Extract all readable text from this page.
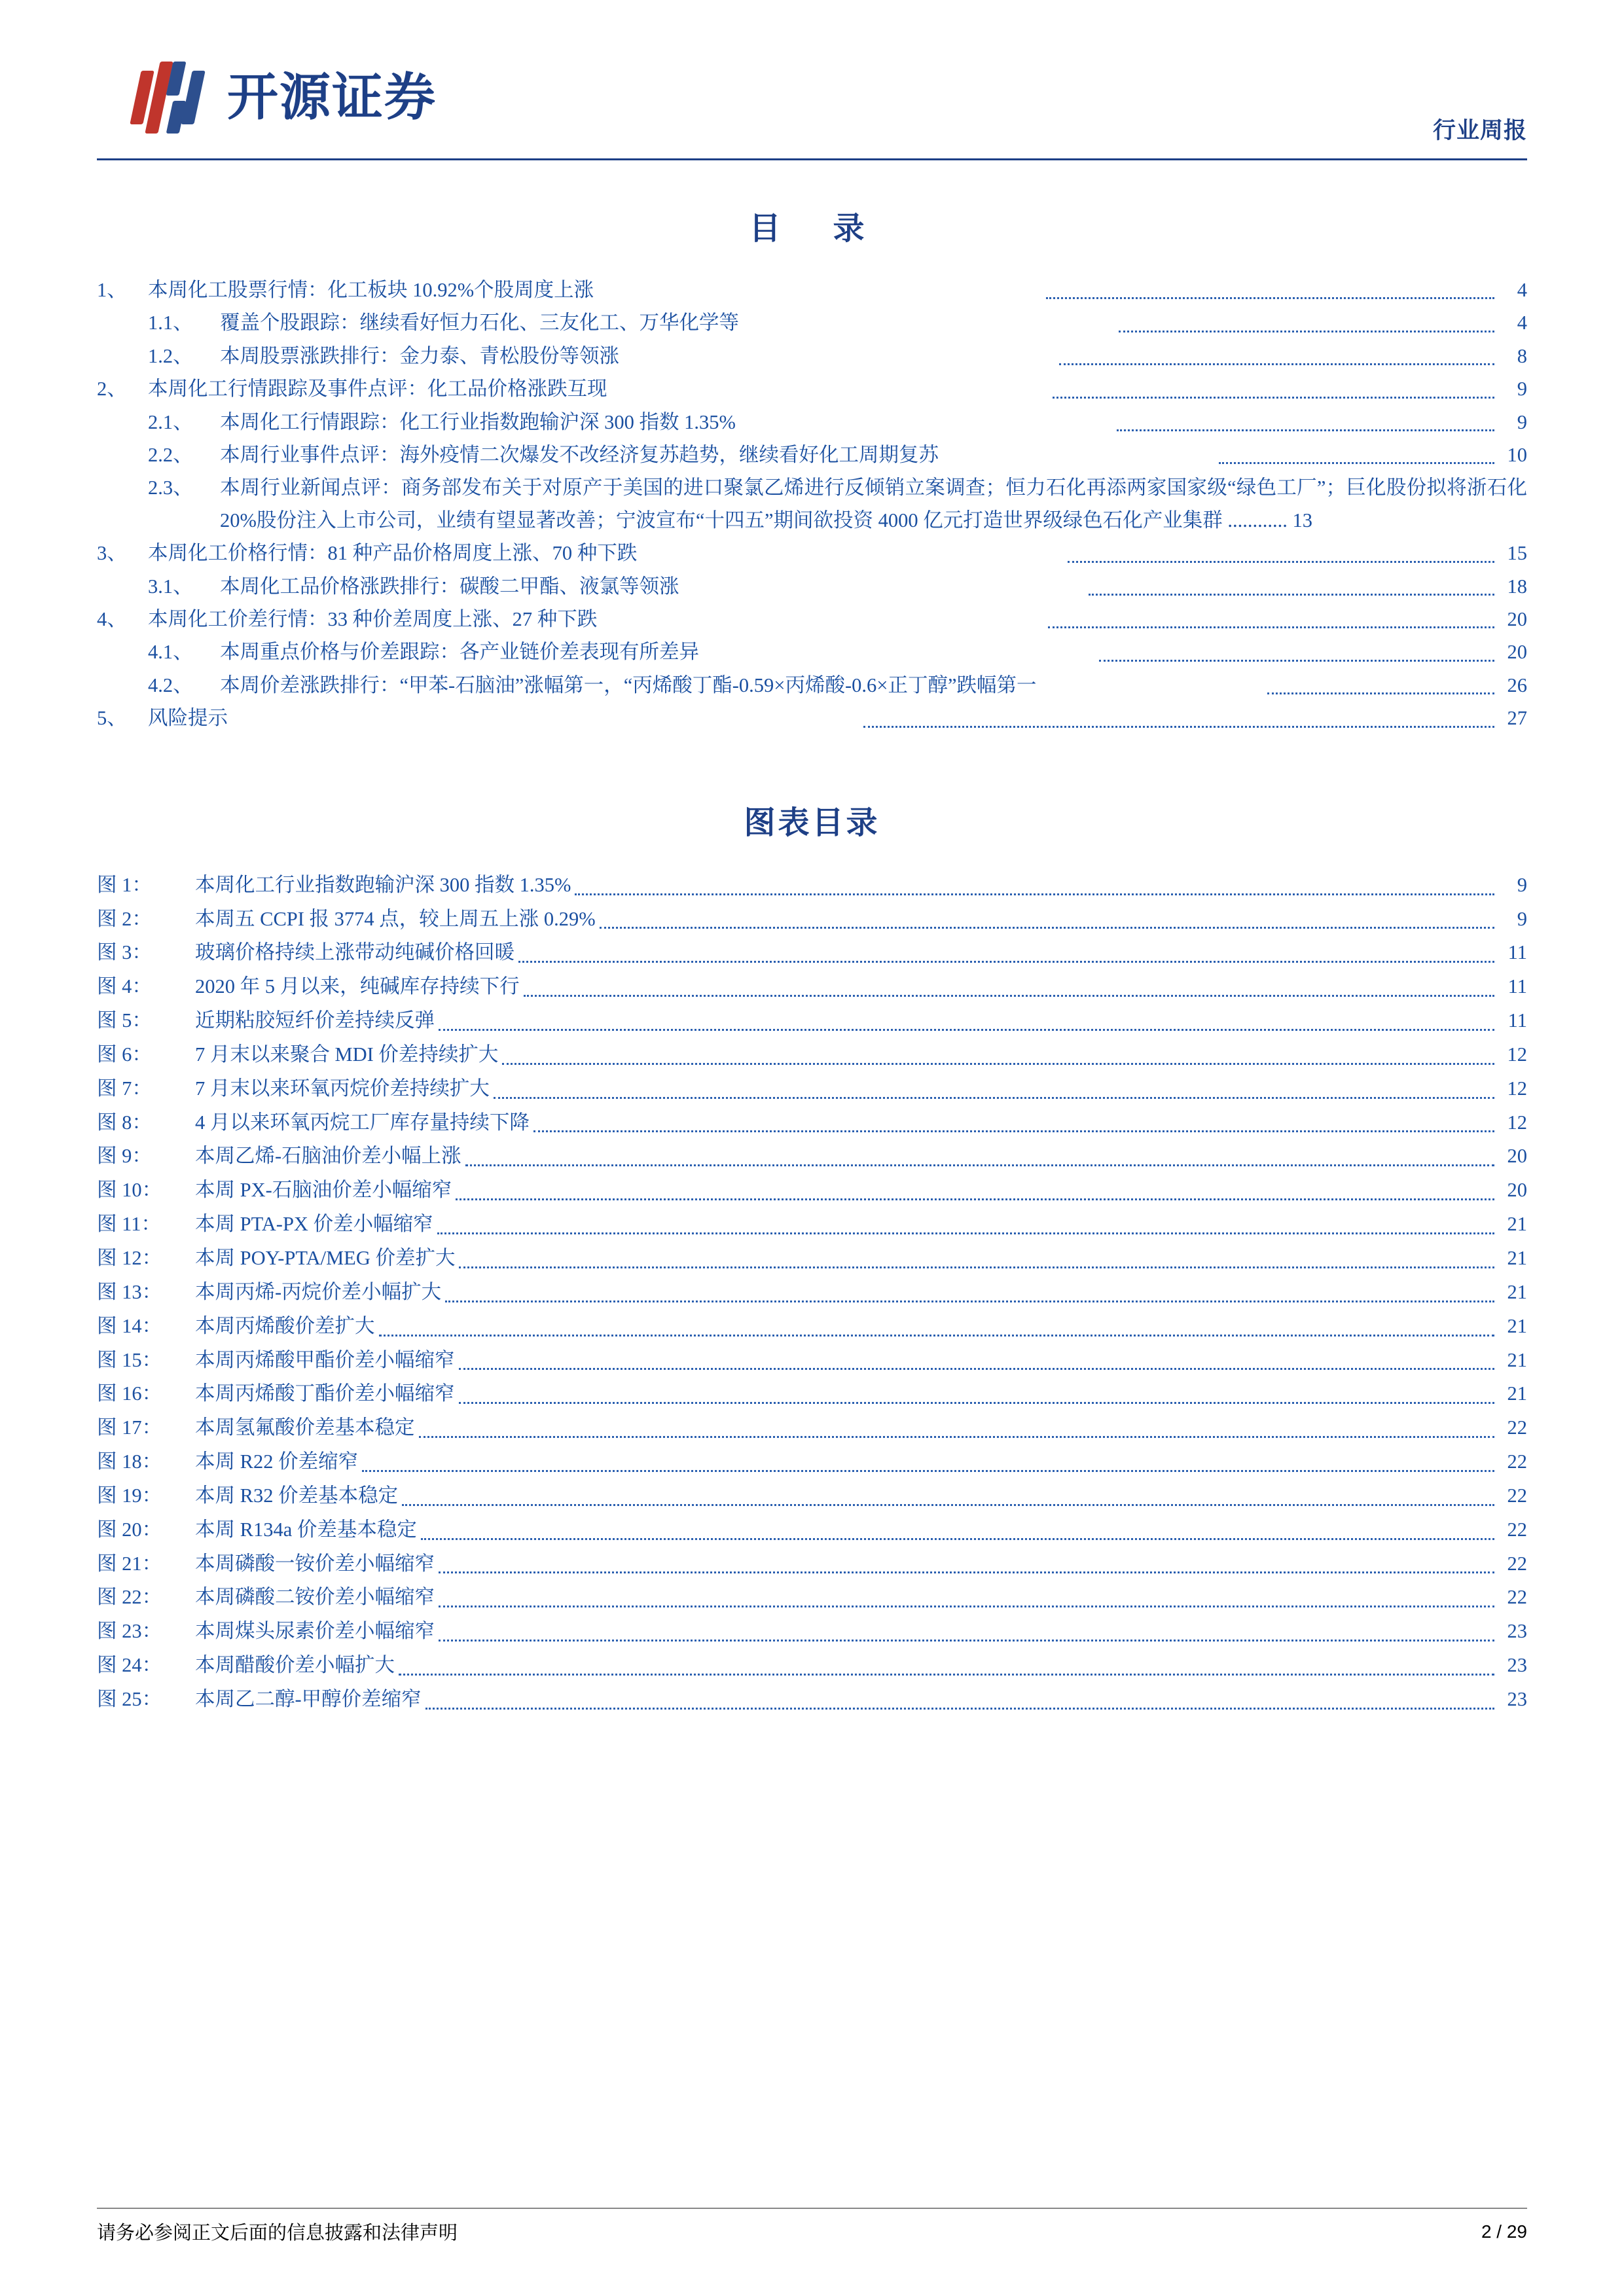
开源证券
行业周报
目　录
1、	本周化工股票行情：化工板块 10.92%个股周度上涨	4
1.1、	覆盖个股跟踪：继续看好恒力石化、三友化工、万华化学等	4
1.2、	本周股票涨跌排行：金力泰、青松股份等领涨	8
2、	本周化工行情跟踪及事件点评：化工品价格涨跌互现	9
2.1、	本周化工行情跟踪：化工行业指数跑输沪深 300 指数 1.35%	9
2.2、	本周行业事件点评：海外疫情二次爆发不改经济复苏趋势，继续看好化工周期复苏	10
2.3、	本周行业新闻点评：商务部发布关于对原产于美国的进口聚氯乙烯进行反倾销立案调查；恒力石化再添两家国家级“绿色工厂”；巨化股份拟将浙石化 20%股份注入上市公司，业绩有望显著改善；宁波宣布“十四五”期间欲投资 4000 亿元打造世界级绿色石化产业集群 ............ 13
3、	本周化工价格行情：81 种产品价格周度上涨、70 种下跌	15
3.1、	本周化工品价格涨跌排行：碳酸二甲酯、液氯等领涨	18
4、	本周化工价差行情：33 种价差周度上涨、27 种下跌	20
4.1、	本周重点价格与价差跟踪：各产业链价差表现有所差异	20
4.2、	本周价差涨跌排行：“甲苯-石脑油”涨幅第一，“丙烯酸丁酯-0.59×丙烯酸-0.6×正丁醇”跌幅第一	26
5、	风险提示	27
图表目录
图 1：	本周化工行业指数跑输沪深 300 指数 1.35%	9
图 2：	本周五 CCPI 报 3774 点，较上周五上涨 0.29%	9
图 3：	玻璃价格持续上涨带动纯碱价格回暖	11
图 4：	2020 年 5 月以来，纯碱库存持续下行	11
图 5：	近期粘胶短纤价差持续反弹	11
图 6：	7 月末以来聚合 MDI 价差持续扩大	12
图 7：	7 月末以来环氧丙烷价差持续扩大	12
图 8：	4 月以来环氧丙烷工厂库存量持续下降	12
图 9：	本周乙烯-石脑油价差小幅上涨	20
图 10：	本周 PX-石脑油价差小幅缩窄	20
图 11：	本周 PTA-PX 价差小幅缩窄	21
图 12：	本周 POY-PTA/MEG 价差扩大	21
图 13：	本周丙烯-丙烷价差小幅扩大	21
图 14：	本周丙烯酸价差扩大	21
图 15：	本周丙烯酸甲酯价差小幅缩窄	21
图 16：	本周丙烯酸丁酯价差小幅缩窄	21
图 17：	本周氢氟酸价差基本稳定	22
图 18：	本周 R22 价差缩窄	22
图 19：	本周 R32 价差基本稳定	22
图 20：	本周 R134a 价差基本稳定	22
图 21：	本周磷酸一铵价差小幅缩窄	22
图 22：	本周磷酸二铵价差小幅缩窄	22
图 23：	本周煤头尿素价差小幅缩窄	23
图 24：	本周醋酸价差小幅扩大	23
图 25：	本周乙二醇-甲醇价差缩窄	23
请务必参阅正文后面的信息披露和法律声明	2 / 29
